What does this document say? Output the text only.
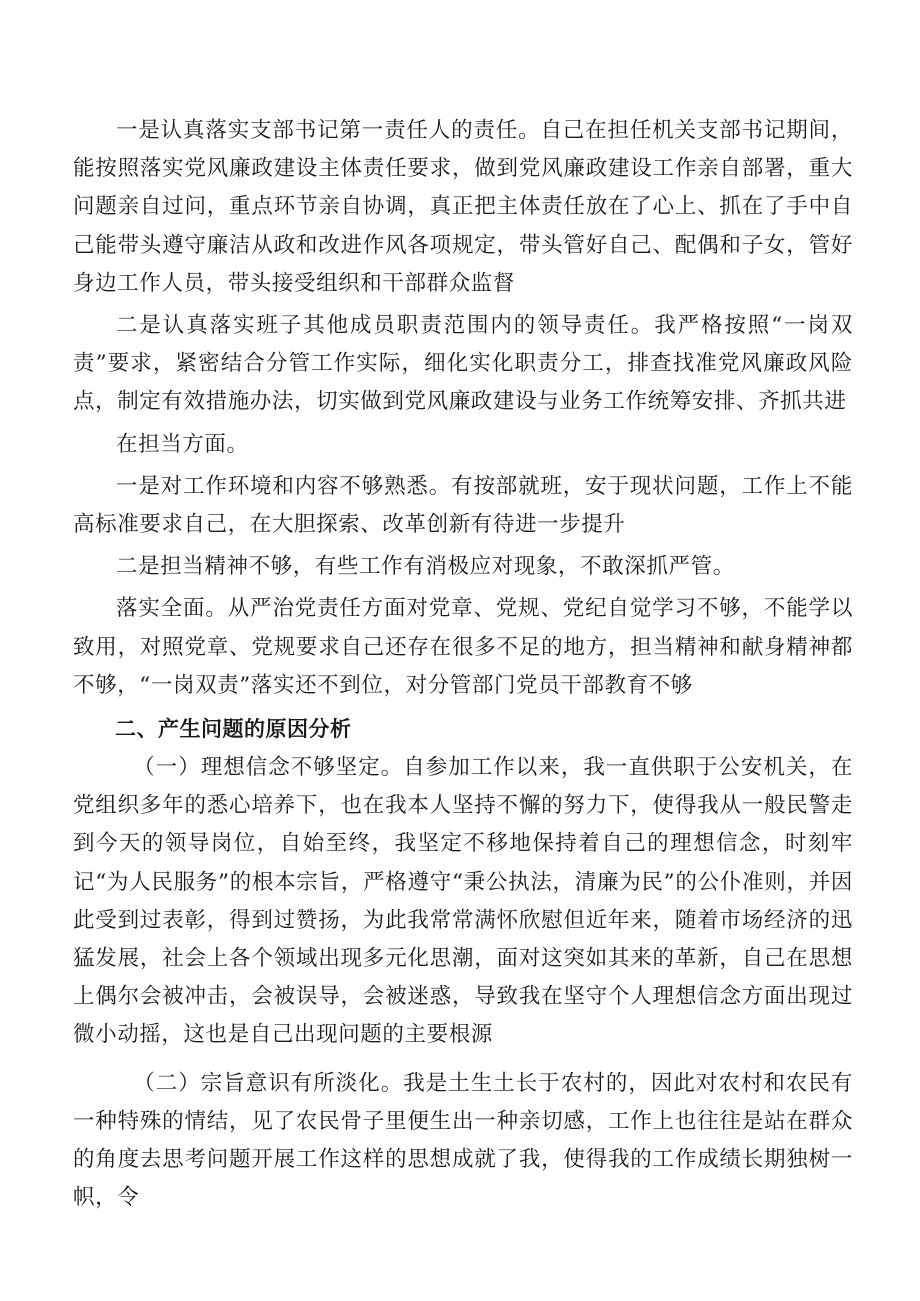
一是认真落实支部书记第一责任人的责任。自己在担任机关支部书记期间，能按照落实党风廉政建设主体责任要求，做到党风廉政建设工作亲自部署，重大问题亲自过问，重点环节亲自协调，真正把主体责任放在了心上、抓在了手中自己能带头遵守廉洁从政和改进作风各项规定，带头管好自己、配偶和子女，管好身边工作人员，带头接受组织和干部群众监督

二是认真落实班子其他成员职责范围内的领导责任。我严格按照“一岗双责”要求，紧密结合分管工作实际，细化实化职责分工，排查找准党风廉政风险点，制定有效措施办法，切实做到党风廉政建设与业务工作统筹安排、齐抓共进

在担当方面。

一是对工作环境和内容不够熟悉。有按部就班，安于现状问题，工作上不能高标准要求自己，在大胆探索、改革创新有待进一步提升

二是担当精神不够，有些工作有消极应对现象，不敢深抓严管。

落实全面。从严治党责任方面对党章、党规、党纪自觉学习不够，不能学以致用，对照党章、党规要求自己还存在很多不足的地方，担当精神和献身精神都不够，“一岗双责”落实还不到位，对分管部门党员干部教育不够

二、产生问题的原因分析

（一）理想信念不够坚定。自参加工作以来，我一直供职于公安机关，在党组织多年的悉心培养下，也在我本人坚持不懈的努力下，使得我从一般民警走到今天的领导岗位，自始至终，我坚定不移地保持着自己的理想信念，时刻牢记“为人民服务”的根本宗旨，严格遵守“秉公执法，清廉为民”的公仆准则，并因此受到过表彰，得到过赞扬，为此我常常满怀欣慰但近年来，随着市场经济的迅猛发展，社会上各个领域出现多元化思潮，面对这突如其来的革新，自己在思想上偶尔会被冲击，会被误导，会被迷惑，导致我在坚守个人理想信念方面出现过微小动摇，这也是自己出现问题的主要根源

（二）宗旨意识有所淡化。我是土生土长于农村的，因此对农村和农民有一种特殊的情结，见了农民骨子里便生出一种亲切感，工作上也往往是站在群众的角度去思考问题开展工作这样的思想成就了我，使得我的工作成绩长期独树一帜，令
